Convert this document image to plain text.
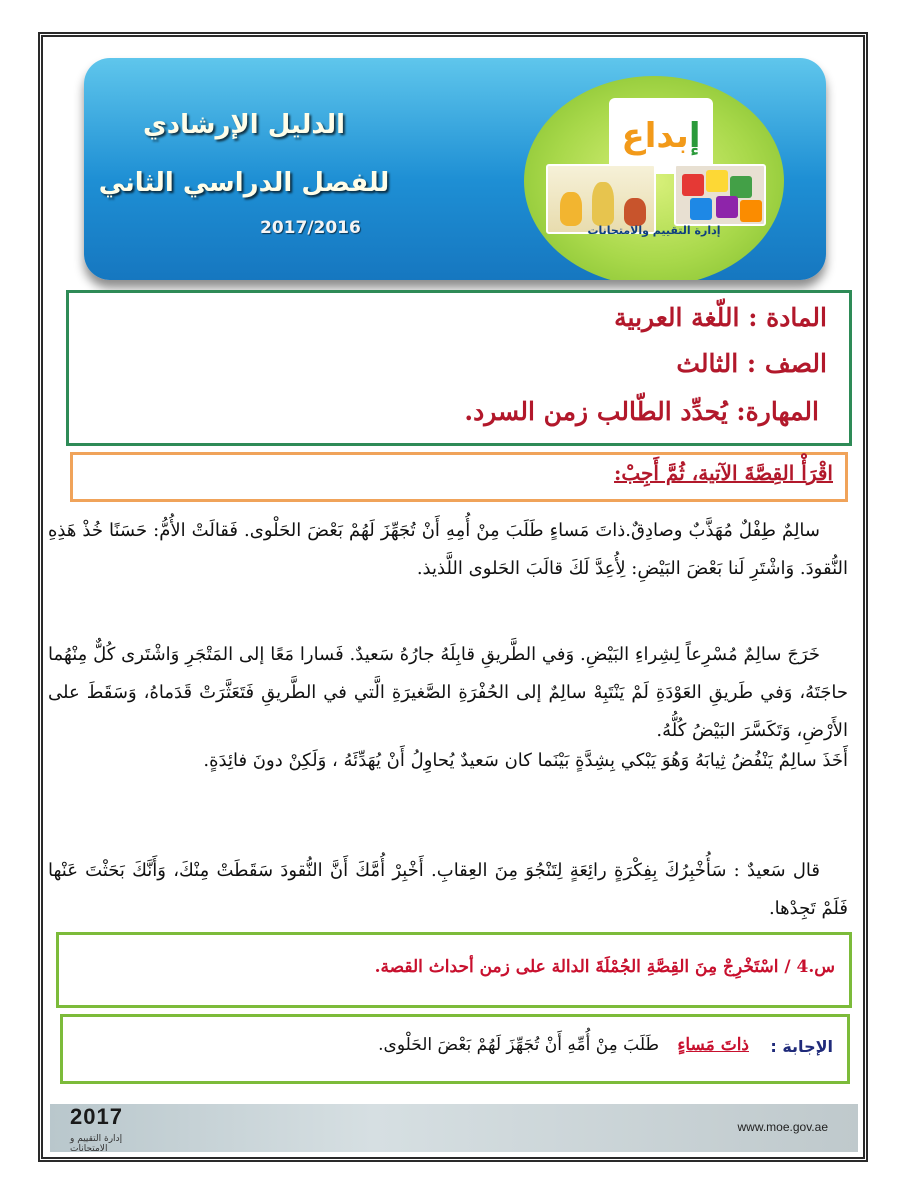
الدليل الإرشادي
للفصل الدراسي الثاني
2017/2016
إبداع
إدارة التقييم والامتحانات
المادة : اللّغة العربية
الصف : الثالث
المهارة: يُحدِّد الطّالب زمن السرد.
اقْرَأْ القِصَّةَ الآتية، ثُمَّ أَجِبْ:
سالِمٌ طِفْلٌ مُهَذَّبٌ وصادِقٌ.ذاتَ مَساءٍ طَلَبَ مِنْ أُمِهِ أَنْ تُجَهِّزَ لَهُمْ بَعْضَ الحَلْوى. فَقالَتْ الأُمُّ: حَسَنًا خُذْ هَذِهِ النُّقودَ. وَاشْتَرِ لَنا بَعْضَ البَيْضِ: لِأُعِدَّ لَكَ قالَبَ الحَلوى اللَّذيذ.
خَرَجَ سالِمٌ مُسْرِعاً لِشِراءِ البَيْضِ. وَفي الطَّريقِ قابِلَهُ جارُهُ سَعيدٌ. فَسارا مَعًا إلى المَتْجَرِ وَاشْتَرى كُلٌّ مِنْهُما حاجَتَهُ، وَفي طَريقِ العَوْدَةِ لَمْ يَنْتَبِهْ سالِمٌ إلى الحُفْرَةِ الصَّغيرَةِ الَّتي في الطَّريقِ فَتَعَثَّرَتْ قَدَماهُ، وَسَقَطَ على الأَرْضِ، وَتَكَسَّرَ البَيْضُ كُلُّهُ.
أَخَذَ سالِمٌ يَنْفُضُ ثِيابَهُ وَهُوَ يَبْكي بِشِدَّةٍ بَيْنَما كان سَعيدٌ يُحاوِلُ أَنْ يُهَدِّئَهُ ، وَلَكِنْ دونَ فائِدَةٍ.
قال سَعيدٌ : سَأُخْبِرُكَ بِفِكْرَةٍ رائِعَةٍ لِتَنْجُوَ مِنَ العِقابِ. أَخْبِرْ أُمَّكَ أَنَّ النُّقودَ سَقَطَتْ مِنْكَ، وَأَنَّكَ بَحَثْتَ عَنْها فَلَمْ تَجِدْها.
س.4 / اسْتَخْرِجْ مِنَ القِصَّةِ الجُمْلَةَ الدالة على زمن أحداث القصة.
الإجابة :
ذاتَ مَساءٍ
طَلَبَ مِنْ أُمِّهِ أَنْ تُجَهِّزَ لَهُمْ بَعْضَ الحَلْوى.
2017
إدارة التقييم و الامتحانات
www.moe.gov.ae
